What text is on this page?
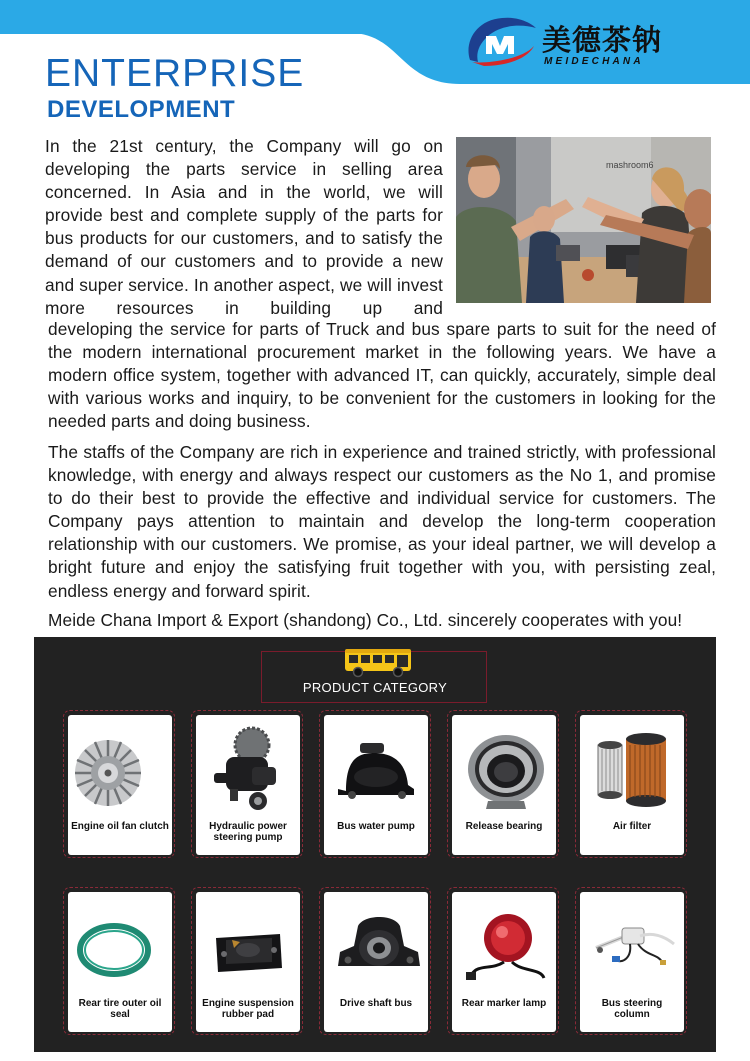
美德茶钠
MEIDECHANA
ENTERPRISE
DEVELOPMENT

In the 21st century, the Company will go on developing the parts service in selling area concerned. In Asia and in the world, we will provide best and complete supply of the parts for bus products for our customers, and to satisfy the demand of our customers and to provide a new and super service. In another aspect, we will invest more resources in building up and

mashroom6

developing the service for parts of Truck and bus spare parts to suit for the need of the modern international procurement market in the following years. We have a modern office system, together with advanced IT, can quickly, accurately, simple deal with various works and inquiry, to be convenient for the customers in looking for the needed parts and doing business.

The staffs of the Company are rich in experience and trained strictly, with professional knowledge, with energy and always respect our customers as the No 1, and promise to do their best to provide the effective and individual service for customers. The Company pays attention to maintain and develop the long-term cooperation relationship with our customers. We promise, as your ideal partner, we will develop a bright future and enjoy the satisfying fruit together with you, with persisting zeal, endless energy and forward spirit.

Meide Chana Import & Export (shandong) Co., Ltd. sincerely cooperates with you!

PRODUCT CATEGORY
Engine oil fan clutch	Hydraulic power steering pump
Bus water pump	Release bearing	Air filter
Rear tire outer oil seal
Engine suspension rubber pad
Drive shaft bus	Rear marker lamp	Bus steering column
